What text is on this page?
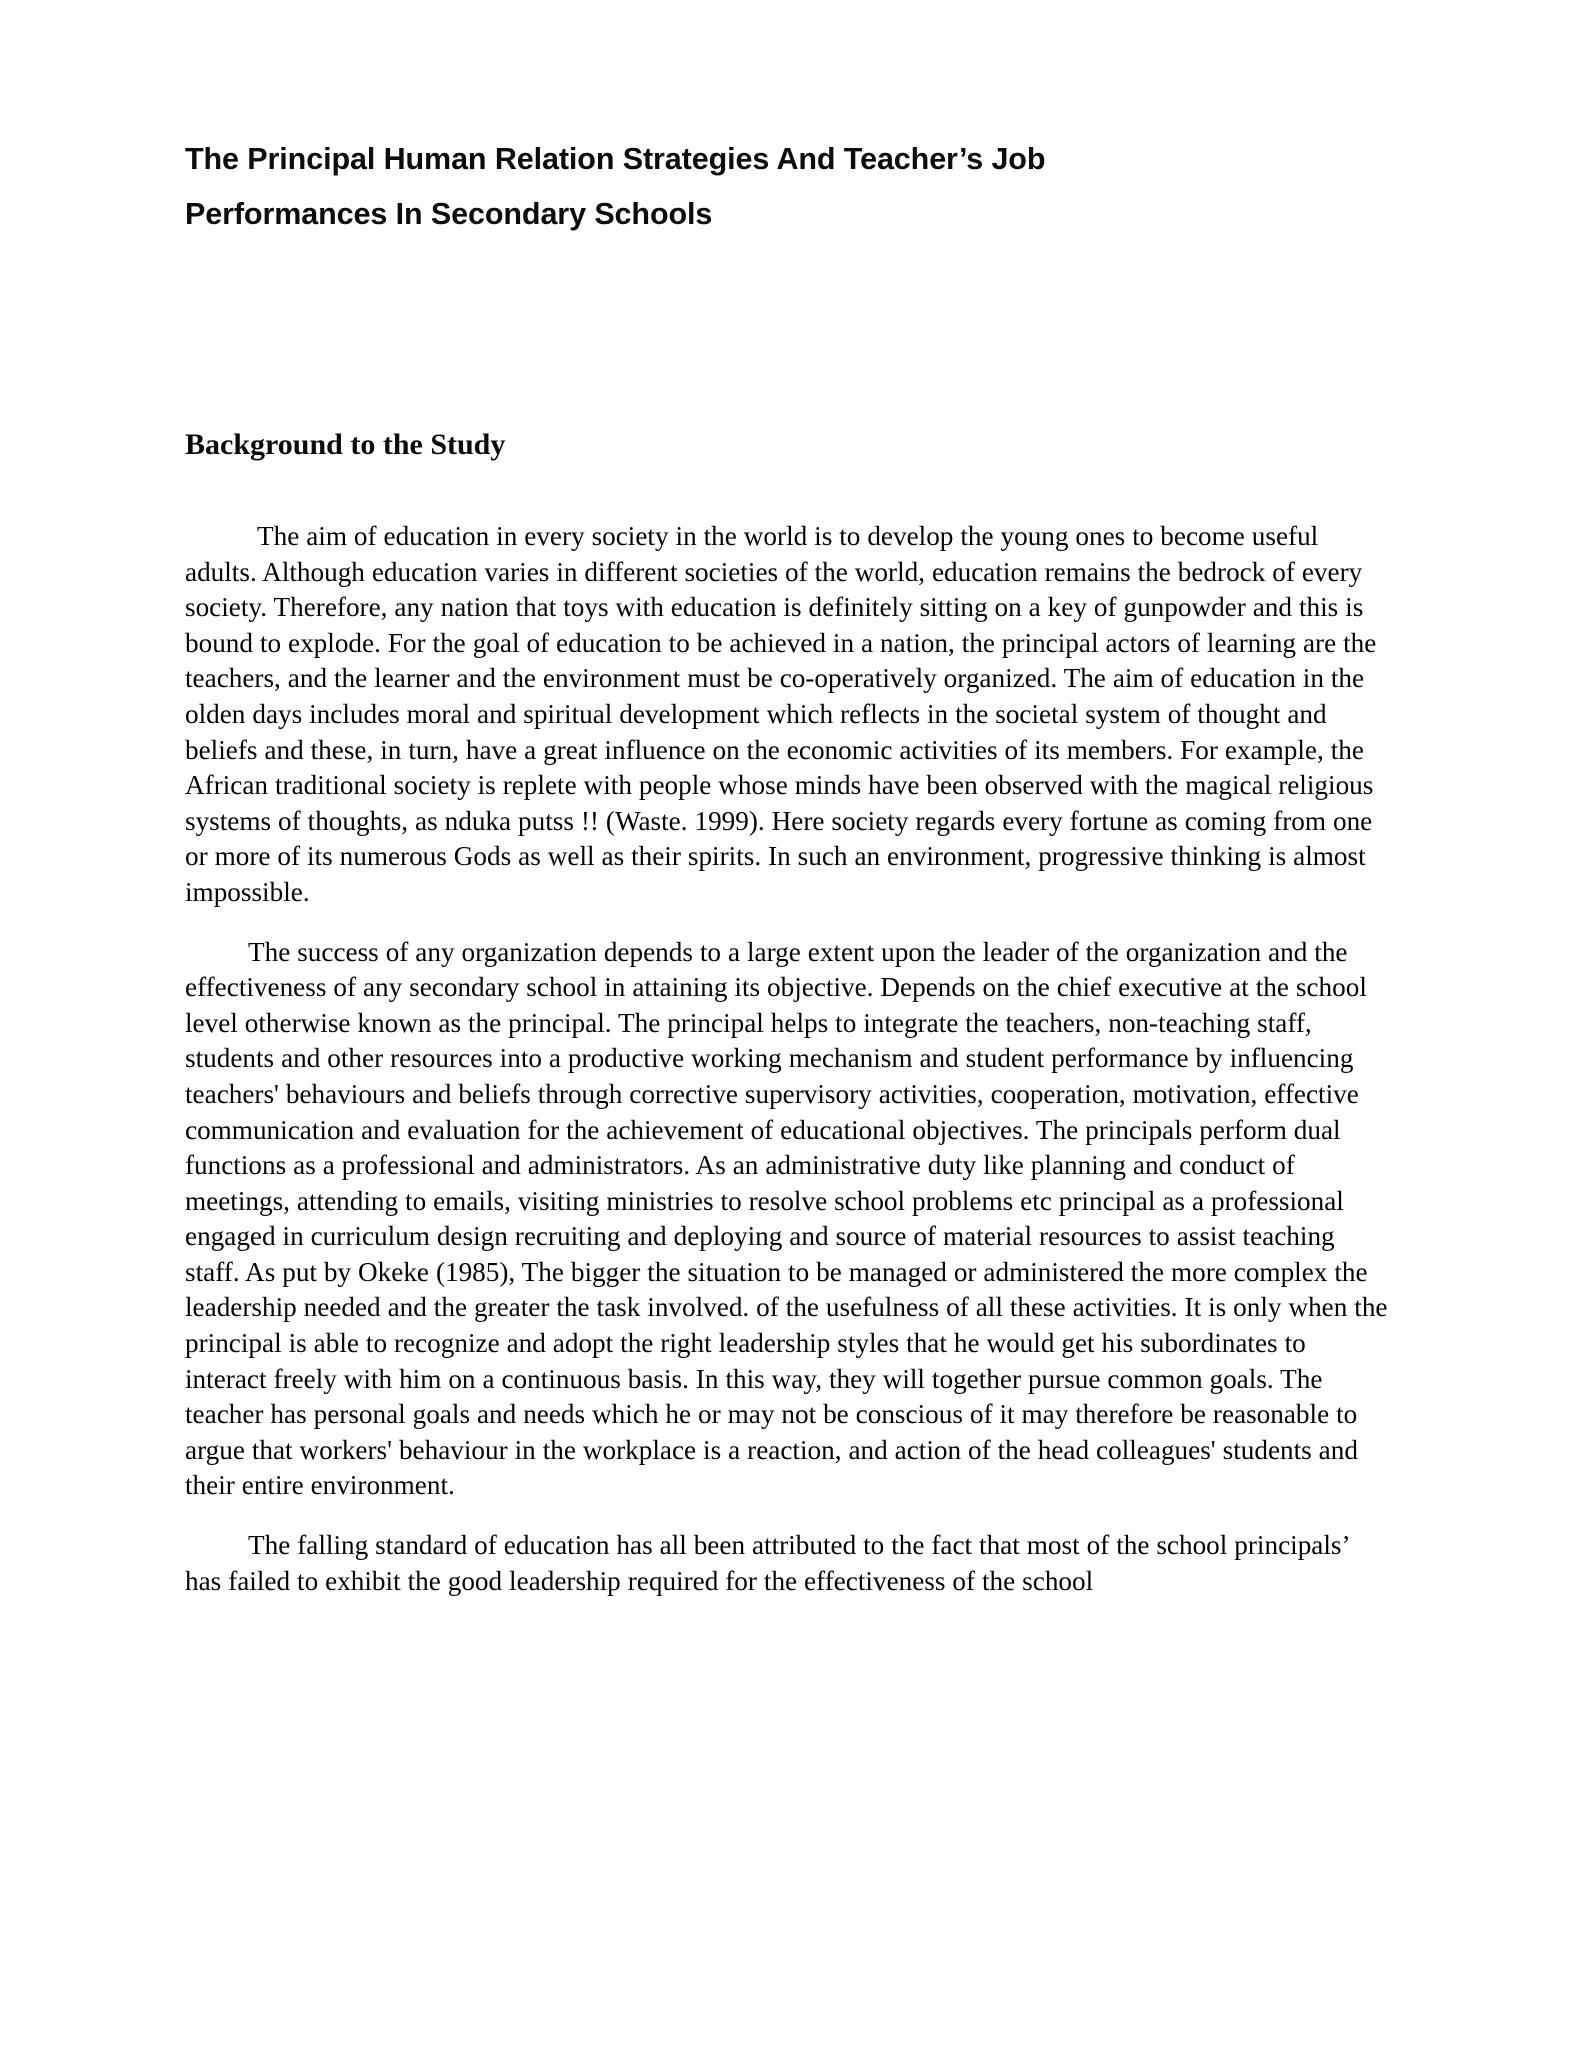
The Principal Human Relation Strategies And Teacher’s Job
Performances In Secondary Schools
Background to the Study

The aim of education in every society in the world is to develop the young ones to become useful adults. Although education varies in different societies of the world, education remains the bedrock of every society. Therefore, any nation that toys with education is definitely sitting on a key of gunpowder and this is bound to explode. For the goal of education to be achieved in a nation, the principal actors of learning are the teachers, and the learner and the environment must be co-operatively organized. The aim of education in the olden days includes moral and spiritual development which reflects in the societal system of thought and beliefs and these, in turn, have a great influence on the economic activities of its members. For example, the African traditional society is replete with people whose minds have been observed with the magical religious systems of thoughts, as nduka putss !! (Waste. 1999). Here society regards every fortune as coming from one or more of its numerous Gods as well as their spirits. In such an environment, progressive thinking is almost impossible.

The success of any organization depends to a large extent upon the leader of the organization and the effectiveness of any secondary school in attaining its objective. Depends on the chief executive at the school level otherwise known as the principal. The principal helps to integrate the teachers, non-teaching staff, students and other resources into a productive working mechanism and student performance by influencing teachers' behaviours and beliefs through corrective supervisory activities, cooperation, motivation, effective communication and evaluation for the achievement of educational objectives. The principals perform dual functions as a professional and administrators. As an administrative duty like planning and conduct of meetings, attending to emails, visiting ministries to resolve school problems etc principal as a professional engaged in curriculum design recruiting and deploying and source of material resources to assist teaching staff. As put by Okeke (1985), The bigger the situation to be managed or administered the more complex the leadership needed and the greater the task involved. of the usefulness of all these activities. It is only when the principal is able to recognize and adopt the right leadership styles that he would get his subordinates to interact freely with him on a continuous basis. In this way, they will together pursue common goals. The teacher has personal goals and needs which he or may not be conscious of it may therefore be reasonable to argue that workers' behaviour in the workplace is a reaction, and action of the head colleagues' students and their entire environment.

The falling standard of education has all been attributed to the fact that most of the school principals’ has failed to exhibit the good leadership required for the effectiveness of the school
